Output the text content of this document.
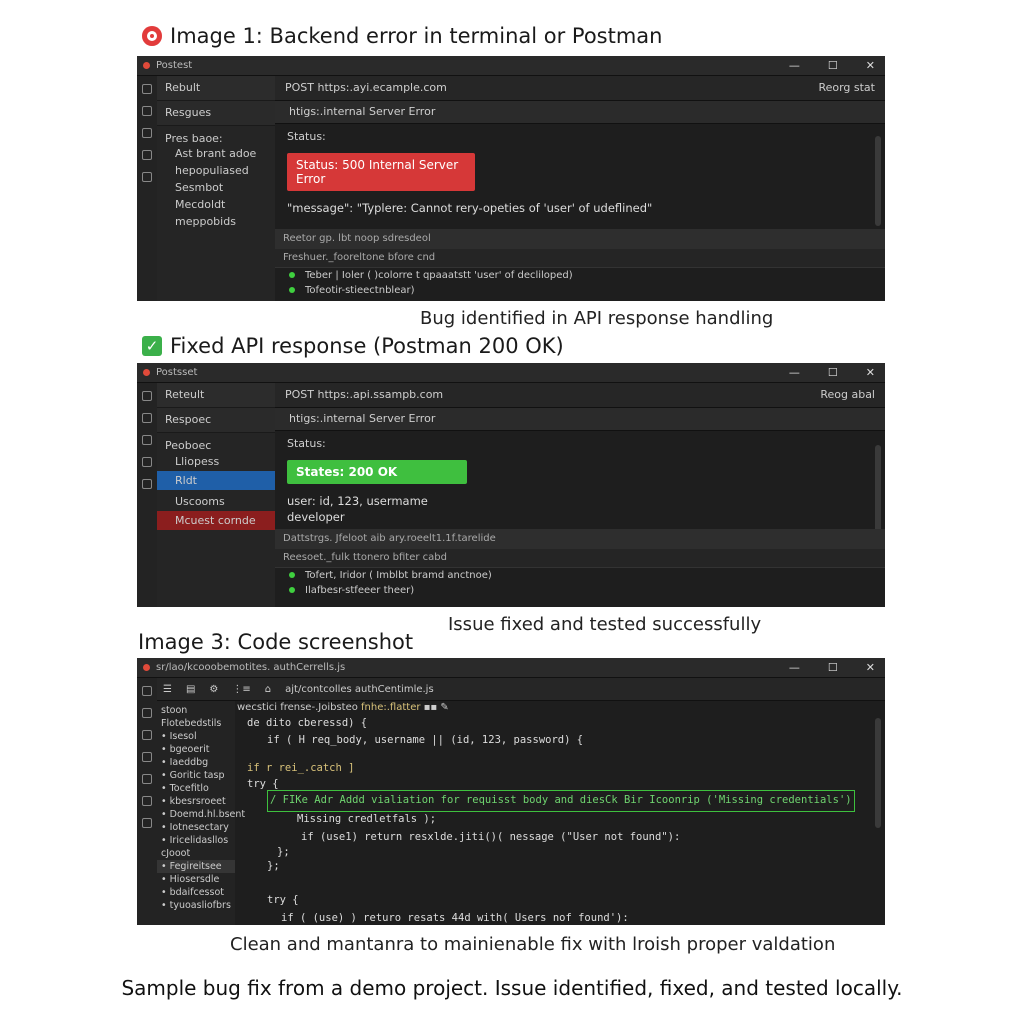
Image 1: Backend error in terminal or Postman
Postest	—	☐	✕
Rebult
Resgues
Pres baoe:
Ast brant adoe
hepopuliased
Sesmbot
Mecdoldt
meppobids
POST https:.ayi.ecample.com	Reorg stat
htigs:.internal Server Error
Status:
Status: 500 Internal Server Error
"message": "Typlere: Cannot rery-opeties of 'user' of udeflined"
Reetor gp. lbt noop sdresdeol
Freshuer._fooreltone bfore cnd
Teber | Ioler ( )colorre t qpaaatstt 'user' of decliloped)
Tofeotir-stieectnblear)
Bug identified in API response handling
✓ Fixed API response (Postman 200 OK)
Postsset	—	☐	✕
Reteult
Respoec
Peoboec
Lliopess
Rldt
Uscooms
Mcuest cornde
POST https:.api.ssampb.com	Reog abal
htigs:.internal Server Error
Status:
States: 200 OK
user: id, 123, usermame
developer
Dattstrgs. Jfeloot aib ary.roeelt1.1f.tarelide
Reesoet._fulk ttonero bfiter cabd
Tofert, Iridor ( Imblbt bramd anctnoe)
Ilafbesr-stfeeer theer)
Issue fixed and tested successfully
Image 3: Code screenshot
sr/lao/kcooobemotites. authCerrells.js	—	☐	✕
☰ ▤ ⚙ ⋮≡ ⌂ ajt/contcolles authCentimle.js
stoon
Flotebedstils
• Isesol
• bgeoerit
• Iaeddbg
• Goritic tasp
• Tocefitlo
• kbesrsroeet
• Doemd.hl.bsent
• Iotnesectary
• Iricelidasllos
cJooot
• Fegireitsee
• Hiosersdle
• bdaifcessot
• tyuoasliofbrs
wecstici frense-.Joibsteo fnhe:.flatter ▪▪ ✎
de dito cberessd) {
if ( H req_body, username || (id, 123, password) {
if r rei_.catch ]
try {
/ FIKe Adr Addd vialiation for requisst body and diesCk Bir Icoonrip ('Missing credentials')
Missing credletfals );
if (use1) return resxlde.jiti()( nessage ("User not found"):
};
};
try {
if ( (use) ) returo resats 44d with( Users nof found'):
Clean and mantanra to mainienable fix with lroish proper valdation
Sample bug fix from a demo project. Issue identified, fixed, and tested locally.
